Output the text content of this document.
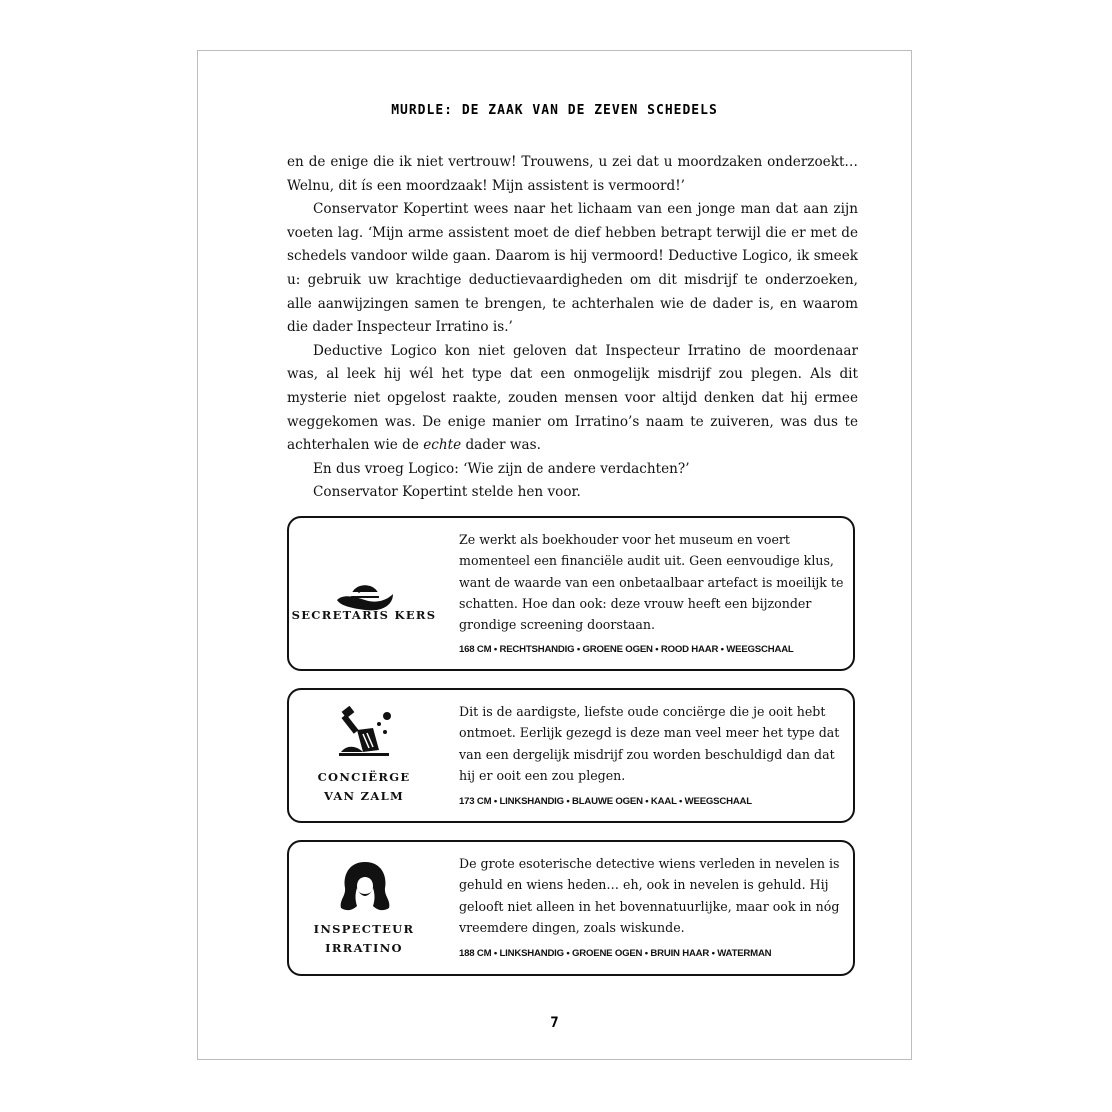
MURDLE: DE ZAAK VAN DE ZEVEN SCHEDELS

en de enige die ik niet vertrouw! Trouwens, u zei dat u moordzaken onderzoekt… Welnu, dit ís een moordzaak! Mijn assistent is vermoord!’

Conservator Kopertint wees naar het lichaam van een jonge man dat aan zijn voeten lag. ‘Mijn arme assistent moet de dief hebben betrapt terwijl die er met de schedels vandoor wilde gaan. Daarom is hij vermoord! Deductive Logico, ik smeek u: gebruik uw krachtige deductievaardigheden om dit misdrijf te onderzoeken, alle aanwijzingen samen te brengen, te achterhalen wie de dader is, en waarom die dader Inspecteur Irratino is.’

Deductive Logico kon niet geloven dat Inspecteur Irratino de moordenaar was, al leek hij wél het type dat een onmogelijk misdrijf zou plegen. Als dit mysterie niet opgelost raakte, zouden mensen voor altijd denken dat hij ermee weggekomen was. De enige manier om Irratino’s naam te zuiveren, was dus te achterhalen wie de echte dader was.

En dus vroeg Logico: ‘Wie zijn de andere verdachten?’

Conservator Kopertint stelde hen voor.

SECRETARIS KERS
Ze werkt als boekhouder voor het museum en voert momenteel een financiële audit uit. Geen eenvoudige klus, want de waarde van een onbetaalbaar artefact is moeilijk te schatten. Hoe dan ook: deze vrouw heeft een bijzonder grondige screening doorstaan.
168 CM • RECHTSHANDIG • GROENE OGEN • ROOD HAAR • WEEGSCHAAL
CONCIËRGE
VAN ZALM
Dit is de aardigste, liefste oude conciërge die je ooit hebt ontmoet. Eerlijk gezegd is deze man veel meer het type dat van een dergelijk misdrijf zou worden beschuldigd dan dat hij er ooit een zou plegen.
173 CM • LINKSHANDIG • BLAUWE OGEN • KAAL • WEEGSCHAAL
INSPECTEUR
IRRATINO
De grote esoterische detective wiens verleden in nevelen is gehuld en wiens heden… eh, ook in nevelen is gehuld. Hij gelooft niet alleen in het bovennatuurlijke, maar ook in nóg vreemdere dingen, zoals wiskunde.
188 CM • LINKSHANDIG • GROENE OGEN • BRUIN HAAR • WATERMAN
7
